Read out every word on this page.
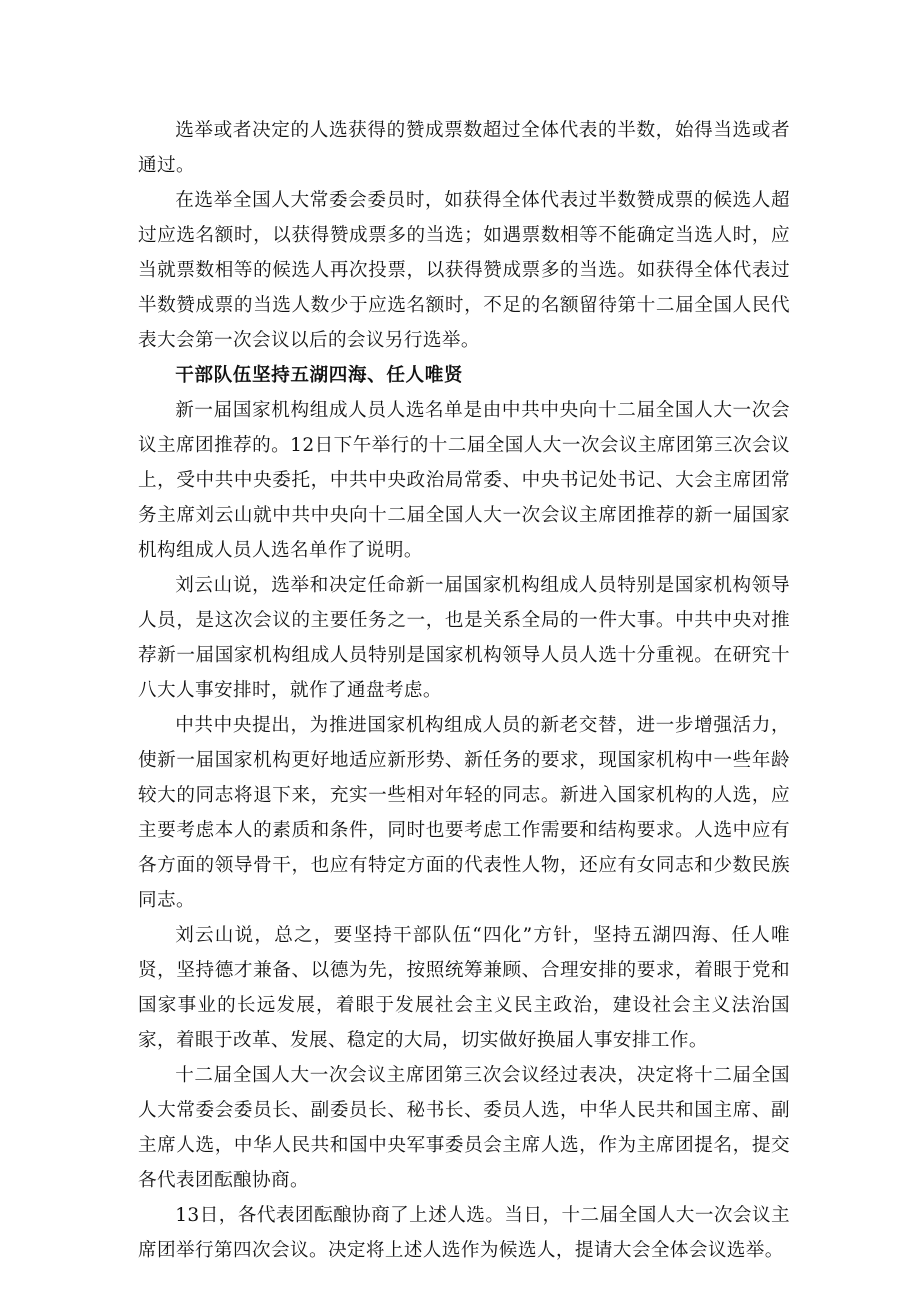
选举或者决定的人选获得的赞成票数超过全体代表的半数，始得当选或者通过。

在选举全国人大常委会委员时，如获得全体代表过半数赞成票的候选人超过应选名额时，以获得赞成票多的当选；如遇票数相等不能确定当选人时，应当就票数相等的候选人再次投票，以获得赞成票多的当选。如获得全体代表过半数赞成票的当选人数少于应选名额时，不足的名额留待第十二届全国人民代表大会第一次会议以后的会议另行选举。

干部队伍坚持五湖四海、任人唯贤

新一届国家机构组成人员人选名单是由中共中央向十二届全国人大一次会议主席团推荐的。12日下午举行的十二届全国人大一次会议主席团第三次会议上，受中共中央委托，中共中央政治局常委、中央书记处书记、大会主席团常务主席刘云山就中共中央向十二届全国人大一次会议主席团推荐的新一届国家机构组成人员人选名单作了说明。

刘云山说，选举和决定任命新一届国家机构组成人员特别是国家机构领导人员，是这次会议的主要任务之一，也是关系全局的一件大事。中共中央对推荐新一届国家机构组成人员特别是国家机构领导人员人选十分重视。在研究十八大人事安排时，就作了通盘考虑。

中共中央提出，为推进国家机构组成人员的新老交替，进一步增强活力，使新一届国家机构更好地适应新形势、新任务的要求，现国家机构中一些年龄较大的同志将退下来，充实一些相对年轻的同志。新进入国家机构的人选，应主要考虑本人的素质和条件，同时也要考虑工作需要和结构要求。人选中应有各方面的领导骨干，也应有特定方面的代表性人物，还应有女同志和少数民族同志。

刘云山说，总之，要坚持干部队伍“四化”方针，坚持五湖四海、任人唯贤，坚持德才兼备、以德为先，按照统筹兼顾、合理安排的要求，着眼于党和国家事业的长远发展，着眼于发展社会主义民主政治，建设社会主义法治国家，着眼于改革、发展、稳定的大局，切实做好换届人事安排工作。

十二届全国人大一次会议主席团第三次会议经过表决，决定将十二届全国人大常委会委员长、副委员长、秘书长、委员人选，中华人民共和国主席、副主席人选，中华人民共和国中央军事委员会主席人选，作为主席团提名，提交各代表团酝酿协商。

13日，各代表团酝酿协商了上述人选。当日，十二届全国人大一次会议主席团举行第四次会议。决定将上述人选作为候选人，提请大会全体会议选举。
